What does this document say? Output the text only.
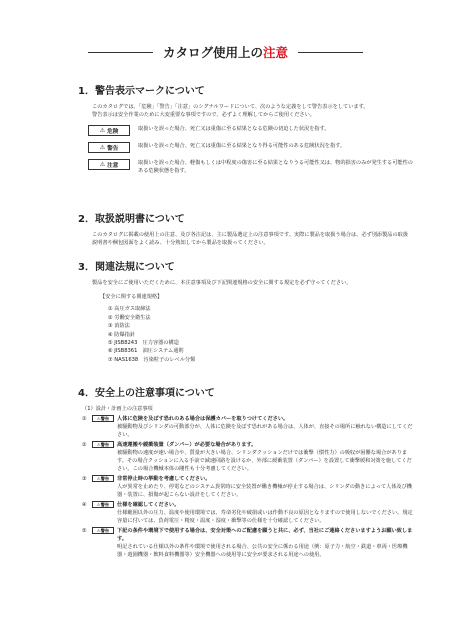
カタログ使用上の注意
1．警告表示マークについて

このカタログでは、「危険」「警告」「注意」のシグナルワードについて、次のような定義をして警告表示をしています。

警告表示は安全作業のために大変重要な事項ですので、必ずよく理解してからご使用ください。

⚠ 危険	取扱いを誤った場合、死亡又は重傷に至る結果となる危険の切迫した状況を指す。
⚠ 警告	取扱いを誤った場合、死亡又は重傷に至る結果となり得る可能性のある危険状況を指す。
⚠ 注意	取扱いを誤った場合、軽傷もしくは中程度の傷害に至る結果となりうる可能性又は、物的損害のみが発生する可能性のある危険状態を指す。
2．取扱説明書について

このカタログに掲載の使用上の注意、及び各注記は、主に製品選定上の注意事項です。実際に製品を取扱う場合は、必ず別添製品の取扱説明書や梱包図面をよく読み、十分熟知してから製品を取扱ってください。

3．関連法規について

製品を安全にご使用いただくために、本注意事項及び下記関連規格の安全に関する規定を必ず守ってください。

【安全に関する関連規格】
① 高圧ガス取締法
② 労働安全衛生法
③ 消防法
④ 防爆指針
⑤ JISB8243　圧力容器の構造
⑥ JISB8361　油圧システム通則
⑦ NAS1638　汚染粒子のレベル分類
4．安全上の注意事項について
（1）設計・計画上の注意事項
①	⚠ 警告 人体に危険を及ぼす恐れのある場合は保護カバーを取りつけてください。
被駆動物及びシリンダの可動部分が、人体に危険を及ぼす恐れがある場合は、人体が、直接その場所に触れない構造にしてください。
②	⚠ 警告 高速運搬や緩衝装置（ダンパー）が必要な場合があります。
被駆動物の速度が速い場合や、質量が大きい場合、シリンダクッションだけでは衝撃（慣性力）の吸収が困難な場合があります。その場合クッションに入る手前で減速回路を設けるか、外部に緩衝装置（ダンパー）を設置して衝撃緩和対策を施してください。この場合機械本体の剛性も十分考慮してください。
③	⚠ 警告 非常停止時の挙動を考慮してください。
人が異常を止めたり、停電などのシステム異常時に安全装置が働き機械が停止する場合は、シリンダの動きによって人体及び機器・装置に、損傷が起こらない設計をしてください。
④	⚠ 警告 仕様を確認してください。
仕様範囲以外の圧力、温度や使用環境では、寿命劣化や破損或いは作動不良の原因となりますので使用しないでください。規定容量に付いては、負荷電圧・精度・温度・湿度・衝撃等の仕様を十分確認してください。
⑤	⚠ 警告 下記の条件や環境下で使用する場合は、安全対策へのご配慮を願うと共に、必ず、当社にご連絡くださいますようお願い致します。
明記されている仕様以外の条件や環境で使用される場合、公共の安全に係わる用途（例：原子力・航空・鉄道・車両・医療機器・遊園機器・飲料食料機器等）安全機器への使用等に安全が要求される用途への使用。
